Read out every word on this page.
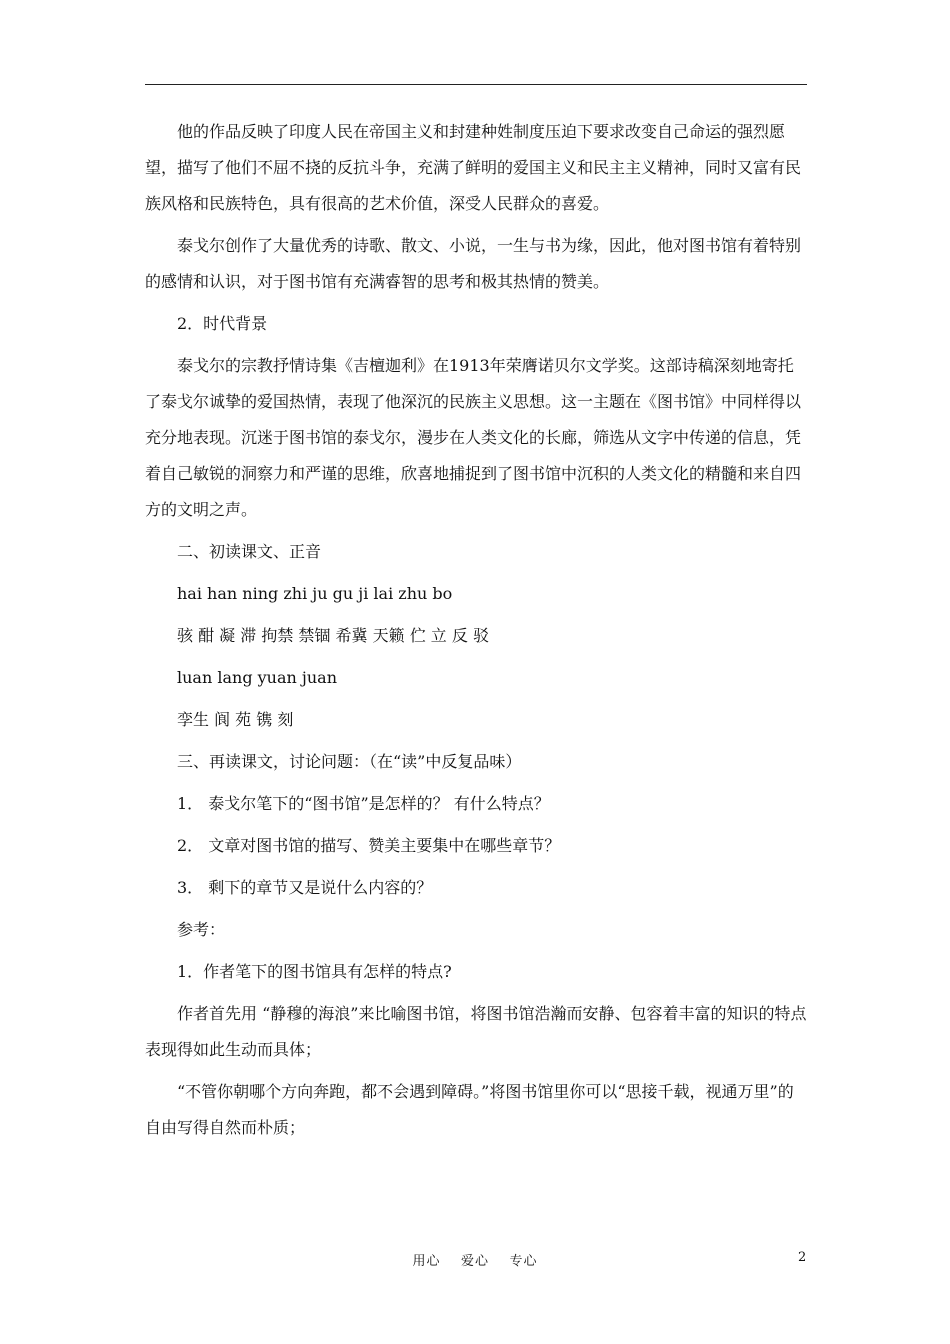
他的作品反映了印度人民在帝国主义和封建种姓制度压迫下要求改变自己命运的强烈愿望，描写了他们不屈不挠的反抗斗争，充满了鲜明的爱国主义和民主主义精神，同时又富有民族风格和民族特色，具有很高的艺术价值，深受人民群众的喜爱。

泰戈尔创作了大量优秀的诗歌、散文、小说，一生与书为缘，因此，他对图书馆有着特别的感情和认识，对于图书馆有充满睿智的思考和极其热情的赞美。

2．时代背景

泰戈尔的宗教抒情诗集《吉檀迦利》在1913年荣膺诺贝尔文学奖。这部诗稿深刻地寄托了泰戈尔诚挚的爱国热情，表现了他深沉的民族主义思想。这一主题在《图书馆》中同样得以充分地表现。沉迷于图书馆的泰戈尔，漫步在人类文化的长廊，筛选从文字中传递的信息，凭着自己敏锐的洞察力和严谨的思维，欣喜地捕捉到了图书馆中沉积的人类文化的精髓和来自四方的文明之声。

二、初读课文、正音

hai han ning zhi ju gu ji lai zhu bo

骇 酣 凝 滞 拘禁 禁锢 希冀 天籁 伫 立 反 驳

luan lang yuan juan

孪生 阆 苑 镌 刻

三、再读课文，讨论问题：（在“读”中反复品味）

1． 泰戈尔笔下的“图书馆”是怎样的？ 有什么特点？

2． 文章对图书馆的描写、赞美主要集中在哪些章节？

3． 剩下的章节又是说什么内容的？

参考：

1．作者笔下的图书馆具有怎样的特点?

作者首先用 “静穆的海浪”来比喻图书馆，将图书馆浩瀚而安静、包容着丰富的知识的特点表现得如此生动而具体；

“不管你朝哪个方向奔跑，都不会遇到障碍。”将图书馆里你可以“思接千载，视通万里”的自由写得自然而朴质；

用心    爱心    专心	2
